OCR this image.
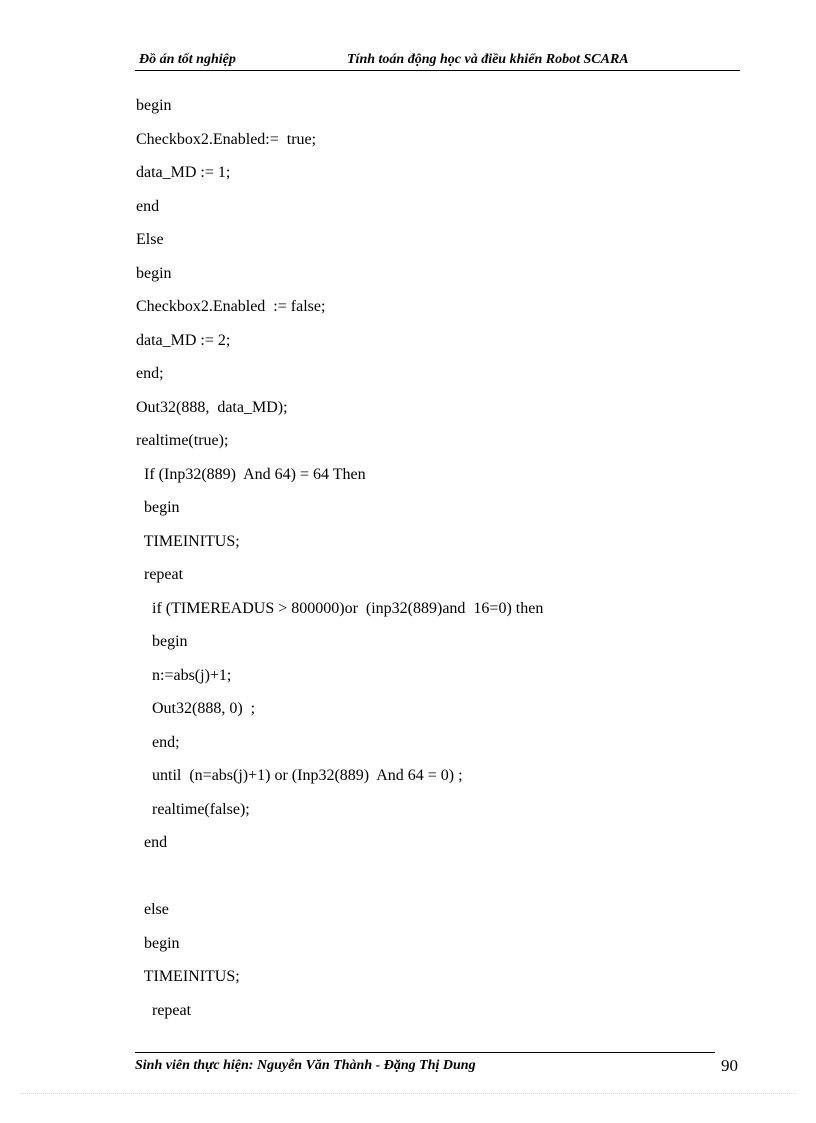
Đồ án tốt nghiệp	Tính toán động học và điều khiển Robot SCARA
begin
Checkbox2.Enabled:=  true;
data_MD := 1;
end
Else
begin
Checkbox2.Enabled  := false;
data_MD := 2;
end;
Out32(888,  data_MD);
realtime(true);
If (Inp32(889)  And 64) = 64 Then
begin
TIMEINITUS;
repeat
if (TIMEREADUS > 800000)or  (inp32(889)and  16=0) then
begin
n:=abs(j)+1;
Out32(888, 0)  ;
end;
until  (n=abs(j)+1) or (Inp32(889)  And 64 = 0) ;
realtime(false);
end
else
begin
TIMEINITUS;
repeat
Sinh viên thực hiện: Nguyễn Văn Thành - Đặng Thị Dung	90
